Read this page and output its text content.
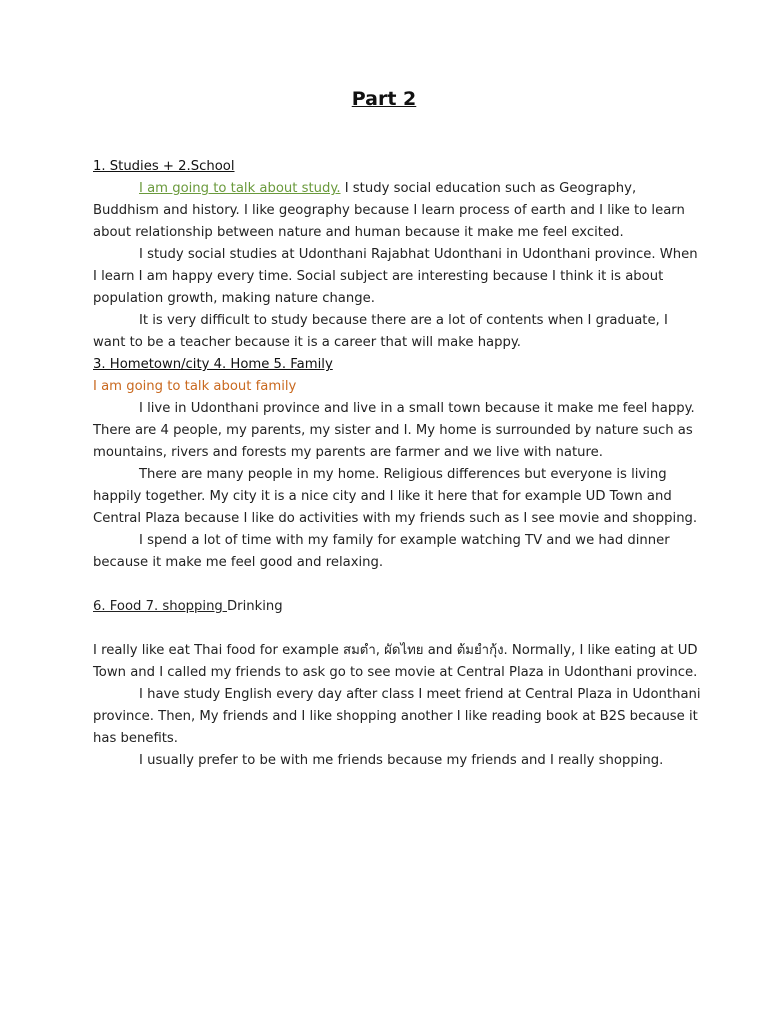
Part 2
1. Studies + 2.School
I am going to talk about study. I study social education such as Geography,
Buddhism and history. I like geography because I learn process of earth and I like to learn
about relationship between nature and human because it make me feel excited.
I study social studies at Udonthani Rajabhat Udonthani in Udonthani province. When
I learn I am happy every time. Social subject are interesting because I think it is about
population growth, making nature change.
It is very difficult to study because there are a lot of contents when I graduate, I
want to be a teacher because it is a career that will make happy.
3. Hometown/city 4. Home 5. Family
I am going to talk about family
I live in Udonthani province and live in a small town because it make me feel happy.
There are 4 people, my parents, my sister and I. My home is surrounded by nature such as
mountains, rivers and forests my parents are farmer and we live with nature.
There are many people in my home. Religious differences but everyone is living
happily together. My city it is a nice city and I like it here that for example UD Town and
Central Plaza because I like do activities with my friends such as I see movie and shopping.
I spend a lot of time with my family for example watching TV and we had dinner
because it make me feel good and relaxing.
6. Food 7. shopping Drinking
I really like eat Thai food for example สมตำ, ผัดไทย and ต้มยำกุ้ง. Normally, I like eating at UD
Town and I called my friends to ask go to see movie at Central Plaza in Udonthani province.
I have study English every day after class I meet friend at Central Plaza in Udonthani
province. Then, My friends and I like shopping another I like reading book at B2S because it
has benefits.
I usually prefer to be with me friends because my friends and I really shopping.
